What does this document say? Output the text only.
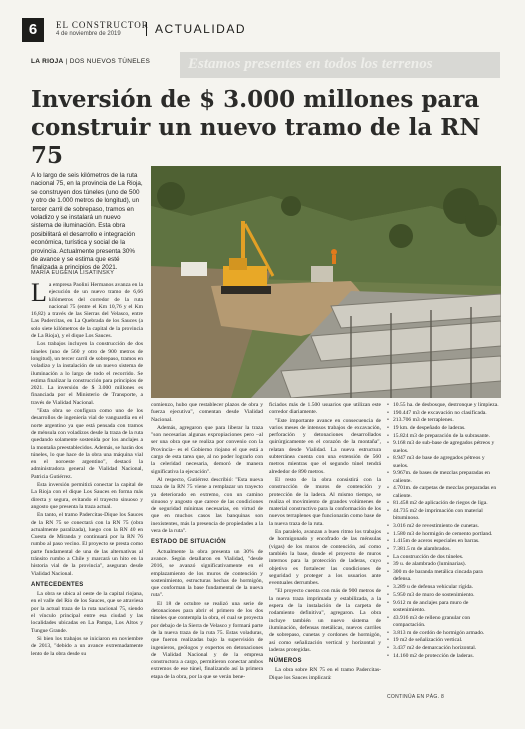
6	EL CONSTRUCTOR
4 de noviembre de 2019	ACTUALIDAD
LA RIOJA | DOS NUEVOS TÚNELES	Estamos presentes en todos los terrenos
Inversión de $ 3.000 millones para construir un nuevo tramo de la RN 75
A lo largo de seis kilómetros de la ruta nacional 75, en la provincia de La Rioja, se construyen dos túneles (uno de 500 y otro de 1.000 metros de longitud), un tercer carril de sobrepaso, tramos en voladizo y se instalará un nuevo sistema de iluminación. Esta obra posibilitará el desarrollo e integración económica, turística y social de la provincia. Actualmente presenta 30% de avance y se estima que esté finalizada a principios de 2021.
MARÍA EUGENIA LISATINSKY

La empresa Paolini Hermanos avanza en la ejecución de un nuevo tramo de 6,66 kilómetros del corredor de la ruta nacional 75 (entre el Km 10,76 y el Km 16,82) a través de las Sierras del Velasco, entre Las Padercitas, en La Quebrada de los Sauces (a solo siete kilómetros de la capital de la provincia de La Rioja), y el dique Los Sauces.

Los trabajos incluyen la construcción de dos túneles (uno de 560 y otro de 900 metros de longitud), un tercer carril de sobrepaso, tramos en voladizo y la instalación de un nuevo sistema de iluminación a lo largo de todo el recorrido. Se estima finalizar la construcción para principios de 2021. La inversión de $ 3.000 millones es financiada por el Ministerio de Transporte, a través de Vialidad Nacional.

"Esta obra se configura como uno de los desarrollos de ingeniería vial de vanguardia en el norte argentino ya que está pensada con tramos de ménsula con voladizos desde la traza de la ruta quedando solamente sostenida por los anclajes a la montaña preestablecidos. Además, se harán dos túneles, lo que hace de la obra una máquina vial en el noroeste argentino", destacó la administradora general de Vialidad Nacional, Patricia Gutiérrez.

Esta inversión permitirá conectar la capital de La Rioja con el dique Los Sauces en forma más directa y segura, evitando el trayecto sinuoso y angosto que presenta la traza actual.

En tanto, el tramo Padercitas-Dique los Sauces de la RN 75 se conectará con la RN 75 (obra actualmente paralizada), luego con la RN 40 en Cuesta de Miranda y continuará por la RN 76 rumbo al paso vecino. El proyecto se presta como parte fundamental de una de las alternativas al tránsito rumbo a Chile y marcará un hito en la historia vial de la provincia", aseguran desde Vialidad Nacional.

ANTECEDENTES

La obra se ubica al oeste de la capital riojana, en el valle del Río de los Sauces, que se atraviesa por la actual traza de la ruta nacional 75, siendo el vínculo principal entre esa ciudad y las localidades ubicadas en La Pampa, Los Altos y Tungue Grande.

Si bien los trabajos se iniciaron en noviembre de 2013, "debido a un avance extremadamente lento de la obra desde su

comienzo, hubo que restablecer plazos de obra y fuerza ejecutiva", comentan desde Vialidad Nacional.

Además, agregaron que para liberar la traza "son necesarias algunas expropiaciones pero –al ser una obra que se realiza por convenio con la Provincia– es el Gobierno riojano el que está a cargo de esta tarea que, al no poder lograrlo con la celeridad necesaria, demoró de manera significativa la ejecución".

Al respecto, Gutiérrez describió: "Esta nueva traza de la RN 75 viene a remplazar un trayecto ya deteriorado en extremo, con un camino sinuoso y angosto que carece de las condiciones de seguridad mínimas necesarias, en virtud de que en muchos casos las banquinas son inexistentes, más la presencia de propiedades a la vera de la ruta".

ESTADO DE SITUACIÓN

Actualmente la obra presenta un 30% de avance. Según detallaron en Vialidad, "desde 2016, se avanzó significativamente en el emplazamiento de los muros de contención y sostenimiento, estructuras hechas de hormigón, que conforman la base fundamental de la nueva ruta".

El 18 de octubre se realizó una serie de detonaciones para abrir el primero de los dos túneles que contempla la obra, el cual se proyecta por debajo de la Sierra de Velasco y formará parte de la nueva traza de la ruta 75. Estas voladuras, que fueron realizadas bajo la supervisión de ingenieros, geólogos y expertos en detonaciones de Vialidad Nacional y de la empresa constructora a cargo, permitieron conectar ambos extremos de ese túnel, finalizando así la primera etapa de la obra, por la que se verán bene-

ficiados más de 1.500 usuarios que utilizan este corredor diariamente.

"Este importante avance en consecuencia de varios meses de intensos trabajos de excavación, perforación y detonaciones desarrollados quirúrgicamente en el corazón de la montaña", relatan desde Vialidad. La nueva estructura subterránea cuenta con una extensión de 560 metros mientras que el segundo túnel tendrá alrededor de 890 metros.

El resto de la obra consistirá con la construcción de muros de contención y protección de la ladera. Al mismo tiempo, se realiza el movimiento de grandes volúmenes de material constructivo para la conformación de los nuevos terraplenes que funcionarán como base de la nueva traza de la ruta.

En paralelo, avanzan a buen ritmo los trabajos de hormigonado y encofrado de las ménsulas (vigas) de los muros de contención, así como también la base, donde el proyecto de muros internos para la protección de laderas, cuyo objetivo es fortalecer las condiciones de seguridad y proteger a los usuarios ante eventuales derrumbes.

"El proyecto cuenta con más de 900 metros de la nueva traza imprimada y estabilizada, a la espera de la instalación de la carpeta de rodamiento definitiva", agregaron. La obra incluye también un nuevo sistema de iluminación, defensas metálicas, nuevos carriles de sobrepaso, cunetas y cordones de hormigón, así como señalización vertical y horizontal y laderas protegidas.

NÚMEROS

La obra sobre RN 75 en el tramo Padercitas-Dique los Sauces implicará:

• 10.55 ha. de desbosque, destronque y limpieza.
• 190.447 m3 de excavación no clasificada.
• 213.706 m3 de terraplenes.
• 19 km. de despeñado de laderas.
• 15.824 m3 de preparación de la subrasante.
• 9.168 m3 de sub-base de agregados pétreos y suelos.
• 8.947 m3 de base de agregados pétreos y suelos.
• 9.967m. de bases de mezclas preparadas en caliente.
• 4.701m. de carpetas de mezclas preparadas en caliente.
• 81.458 m2 de aplicación de riegos de liga.
• 44.735 m2 de imprimación con material bituminoso.
• 3.016 m2 de revestimiento de cunetas.
• 1.580 m3 de hormigón de cemento portland.
• 1.415m de aceros especiales en barras.
• 7.381.5 m de alambrados.
• La construcción de dos túneles.
• 39 u. de alambrado (luminarias).
• 300 m de baranda metálica cincada para defensa.
• 3.289 u de defensa vehicular rígida.
• 5.950 m3 de muro de sostenimiento.
• 9.612 m de anclajes para muro de sostenimiento.
• 43.916 m3 de relleno granular con compactación.
• 3.813 m de cordón de hormigón armado.
• 19 m2 de señalización vertical.
• 3.437 m2 de demarcación horizontal.
• 14.160 m2 de protección de laderas.
CONTINÚA EN PÁG. 8
